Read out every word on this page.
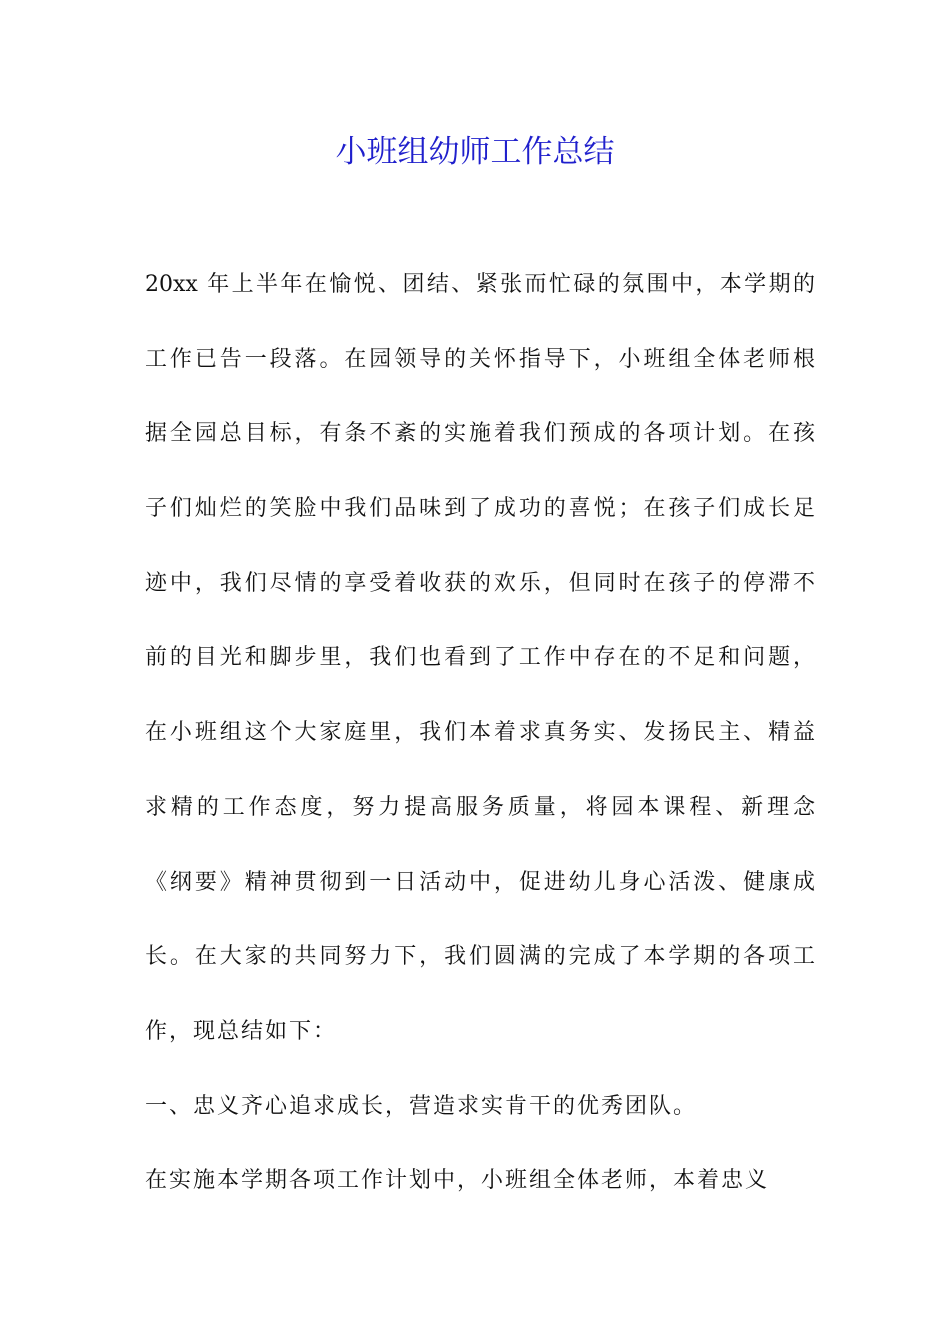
小班组幼师工作总结
20xx 年上半年在愉悦、团结、紧张而忙碌的氛围中，本学期的
工作已告一段落。在园领导的关怀指导下，小班组全体老师根
据全园总目标，有条不紊的实施着我们预成的各项计划。在孩
子们灿烂的笑脸中我们品味到了成功的喜悦；在孩子们成长足
迹中，我们尽情的享受着收获的欢乐，但同时在孩子的停滞不
前的目光和脚步里，我们也看到了工作中存在的不足和问题，
在小班组这个大家庭里，我们本着求真务实、发扬民主、精益
求精的工作态度，努力提高服务质量，将园本课程、新理念
《纲要》精神贯彻到一日活动中，促进幼儿身心活泼、健康成
长。在大家的共同努力下，我们圆满的完成了本学期的各项工
作，现总结如下：
一、忠义齐心追求成长，营造求实肯干的优秀团队。
在实施本学期各项工作计划中，小班组全体老师，本着忠义
